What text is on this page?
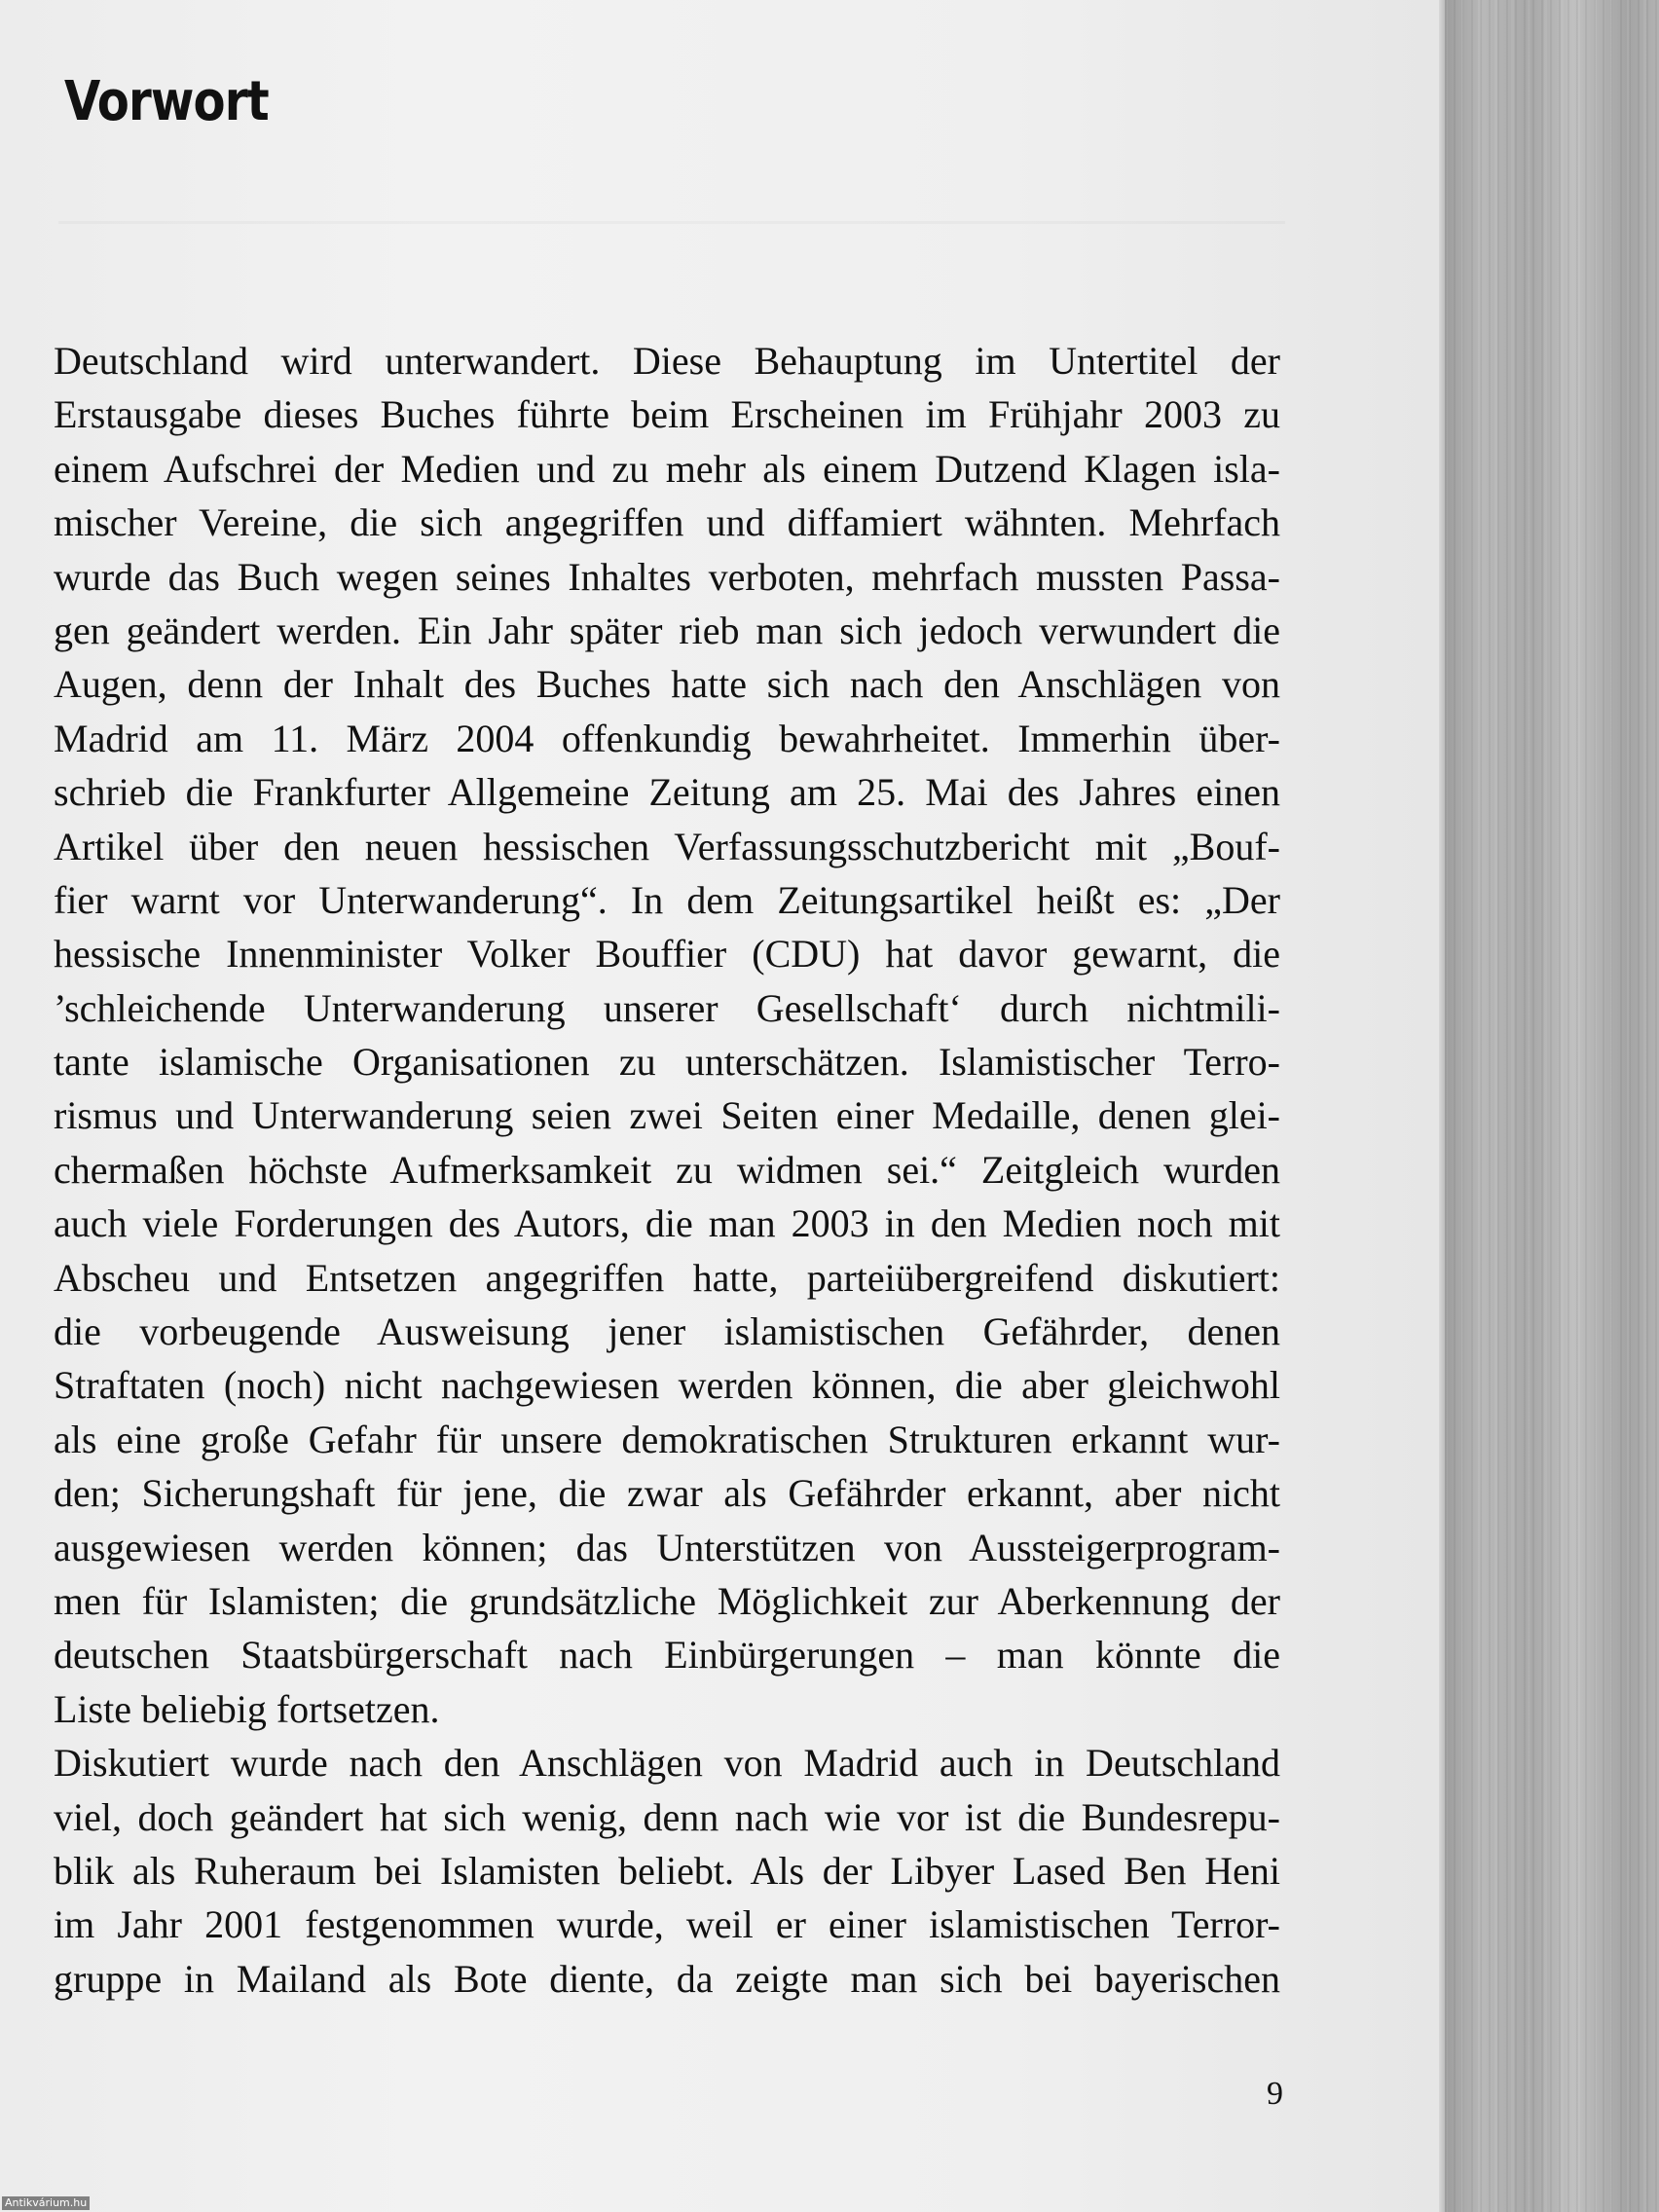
Vorwort
Deutschland wird unterwandert. Diese Behauptung im Untertitel der
Erstausgabe dieses Buches führte beim Erscheinen im Frühjahr 2003 zu
einem Aufschrei der Medien und zu mehr als einem Dutzend Klagen isla-
mischer Vereine, die sich angegriffen und diffamiert wähnten. Mehrfach
wurde das Buch wegen seines Inhaltes verboten, mehrfach mussten Passa-
gen geändert werden. Ein Jahr später rieb man sich jedoch verwundert die
Augen, denn der Inhalt des Buches hatte sich nach den Anschlägen von
Madrid am 11. März 2004 offenkundig bewahrheitet. Immerhin über-
schrieb die Frankfurter Allgemeine Zeitung am 25. Mai des Jahres einen
Artikel über den neuen hessischen Verfassungsschutzbericht mit „Bouf-
fier warnt vor Unterwanderung“. In dem Zeitungsartikel heißt es: „Der
hessische Innenminister Volker Bouffier (CDU) hat davor gewarnt, die
’schleichende Unterwanderung unserer Gesellschaft‘ durch nichtmili-
tante islamische Organisationen zu unterschätzen. Islamistischer Terro-
rismus und Unterwanderung seien zwei Seiten einer Medaille, denen glei-
chermaßen höchste Aufmerksamkeit zu widmen sei.“ Zeitgleich wurden
auch viele Forderungen des Autors, die man 2003 in den Medien noch mit
Abscheu und Entsetzen angegriffen hatte, parteiübergreifend diskutiert:
die vorbeugende Ausweisung jener islamistischen Gefährder, denen
Straftaten (noch) nicht nachgewiesen werden können, die aber gleichwohl
als eine große Gefahr für unsere demokratischen Strukturen erkannt wur-
den; Sicherungshaft für jene, die zwar als Gefährder erkannt, aber nicht
ausgewiesen werden können; das Unterstützen von Aussteigerprogram-
men für Islamisten; die grundsätzliche Möglichkeit zur Aberkennung der
deutschen Staatsbürgerschaft nach Einbürgerungen – man könnte die
Liste beliebig fortsetzen.
Diskutiert wurde nach den Anschlägen von Madrid auch in Deutschland
viel, doch geändert hat sich wenig, denn nach wie vor ist die Bundesrepu-
blik als Ruheraum bei Islamisten beliebt. Als der Libyer Lased Ben Heni
im Jahr 2001 festgenommen wurde, weil er einer islamistischen Terror-
gruppe in Mailand als Bote diente, da zeigte man sich bei bayerischen
9
Antikvárium.hu
